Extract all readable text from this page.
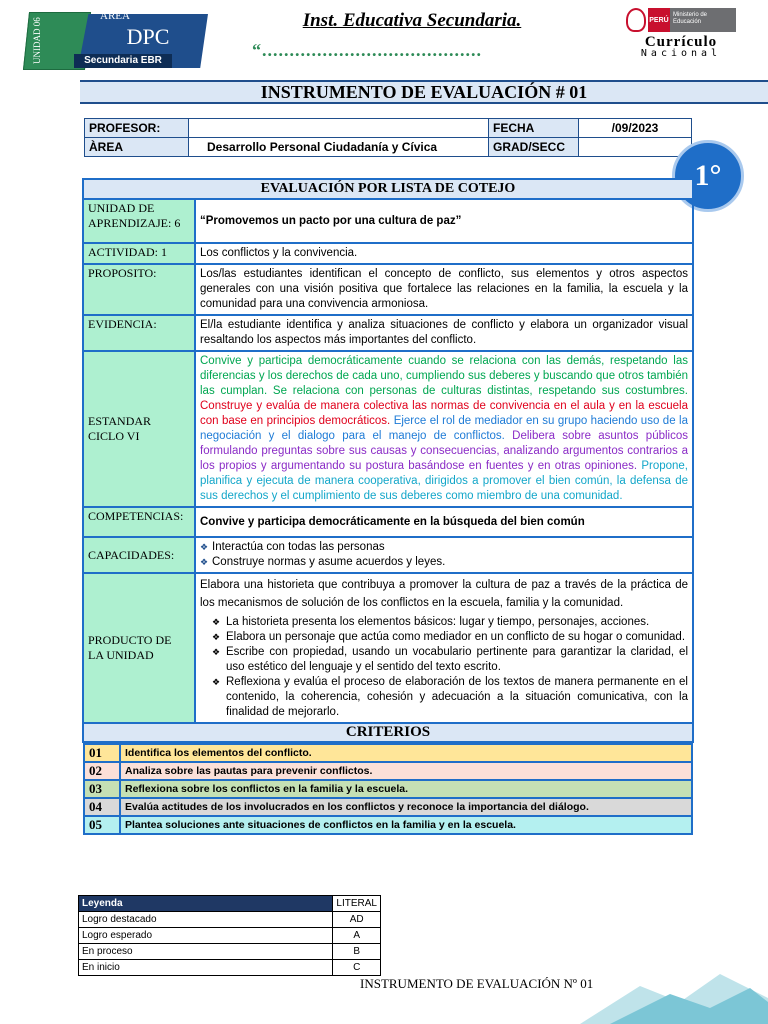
UNIDAD 06
ÁREA
DPC
Secundaria EBR
Inst. Educativa Secundaria.
“........................................
PERÚ
Ministerio de Educación
Currículo
Nacional
INSTRUMENTO DE EVALUACIÓN # 01
PROFESOR:		FECHA	/09/2023
ÀREA	Desarrollo Personal Ciudadanía y Cívica	GRAD/SECC	
1°
EVALUACIÓN POR LISTA DE COTEJO
UNIDAD DE APRENDIZAJE: 6	“Promovemos un pacto por una cultura de paz”
ACTIVIDAD: 1	Los conflictos y la convivencia.
PROPOSITO:	Los/las estudiantes identifican el concepto de conflicto, sus elementos y otros aspectos generales con una visión positiva que fortalece las relaciones en la familia, la escuela y la comunidad para una convivencia armoniosa.
EVIDENCIA:	El/la estudiante identifica y analiza situaciones de conflicto y elabora un organizador visual resaltando los aspectos más importantes del conflicto.
ESTANDAR CICLO VI	Convive y participa democráticamente cuando se relaciona con las demás, respetando las diferencias y los derechos de cada uno, cumpliendo sus deberes y buscando que otros también las cumplan. Se relaciona con personas de culturas distintas, respetando sus costumbres. Construye y evalúa de manera colectiva las normas de convivencia en el aula y en la escuela con base en principios democráticos. Ejerce el rol de mediador en su grupo haciendo uso de la negociación y el dialogo para el manejo de conflictos. Delibera sobre asuntos públicos formulando preguntas sobre sus causas y consecuencias, analizando argumentos contrarios a los propios y argumentando su postura basándose en fuentes y en otras opiniones. Propone, planifica y ejecuta de manera cooperativa, dirigidos a promover el bien común, la defensa de sus derechos y el cumplimiento de sus deberes como miembro de una comunidad.
COMPETENCIAS:	Convive y participa democráticamente en la búsqueda del bien común
CAPACIDADES:	
❖ Interactúa con todas las personas
❖ Construye normas y asume acuerdos y leyes.

PRODUCTO DE LA UNIDAD	
Elabora una historieta que contribuya a promover la cultura de paz a través de la práctica de los mecanismos de solución de los conflictos en la escuela, familia y la comunidad.
❖ La historieta presenta los elementos básicos: lugar y tiempo, personajes, acciones.
❖ Elabora un personaje que actúa como mediador en un conflicto de su hogar o comunidad.
❖ Escribe con propiedad, usando un vocabulario pertinente para garantizar la claridad, el uso estético del lenguaje y el sentido del texto escrito.
❖ Reflexiona y evalúa el proceso de elaboración de los textos de manera permanente en el contenido, la coherencia, cohesión y adecuación a la situación comunicativa, con la finalidad de mejorarlo.

CRITERIOS

01	Identifica los elementos del conflicto.
02	Analiza sobre las pautas para prevenir conflictos.
03	Reflexiona sobre los conflictos en la familia y la escuela.
04	Evalúa actitudes de los involucrados en los conflictos y reconoce la importancia del diálogo.
05	Plantea soluciones ante situaciones de conflictos en la familia y en la escuela.
Leyenda	LITERAL
Logro destacado	AD
Logro esperado	A
En proceso	B
En inicio	C
INSTRUMENTO DE EVALUACIÓN Nº 01
